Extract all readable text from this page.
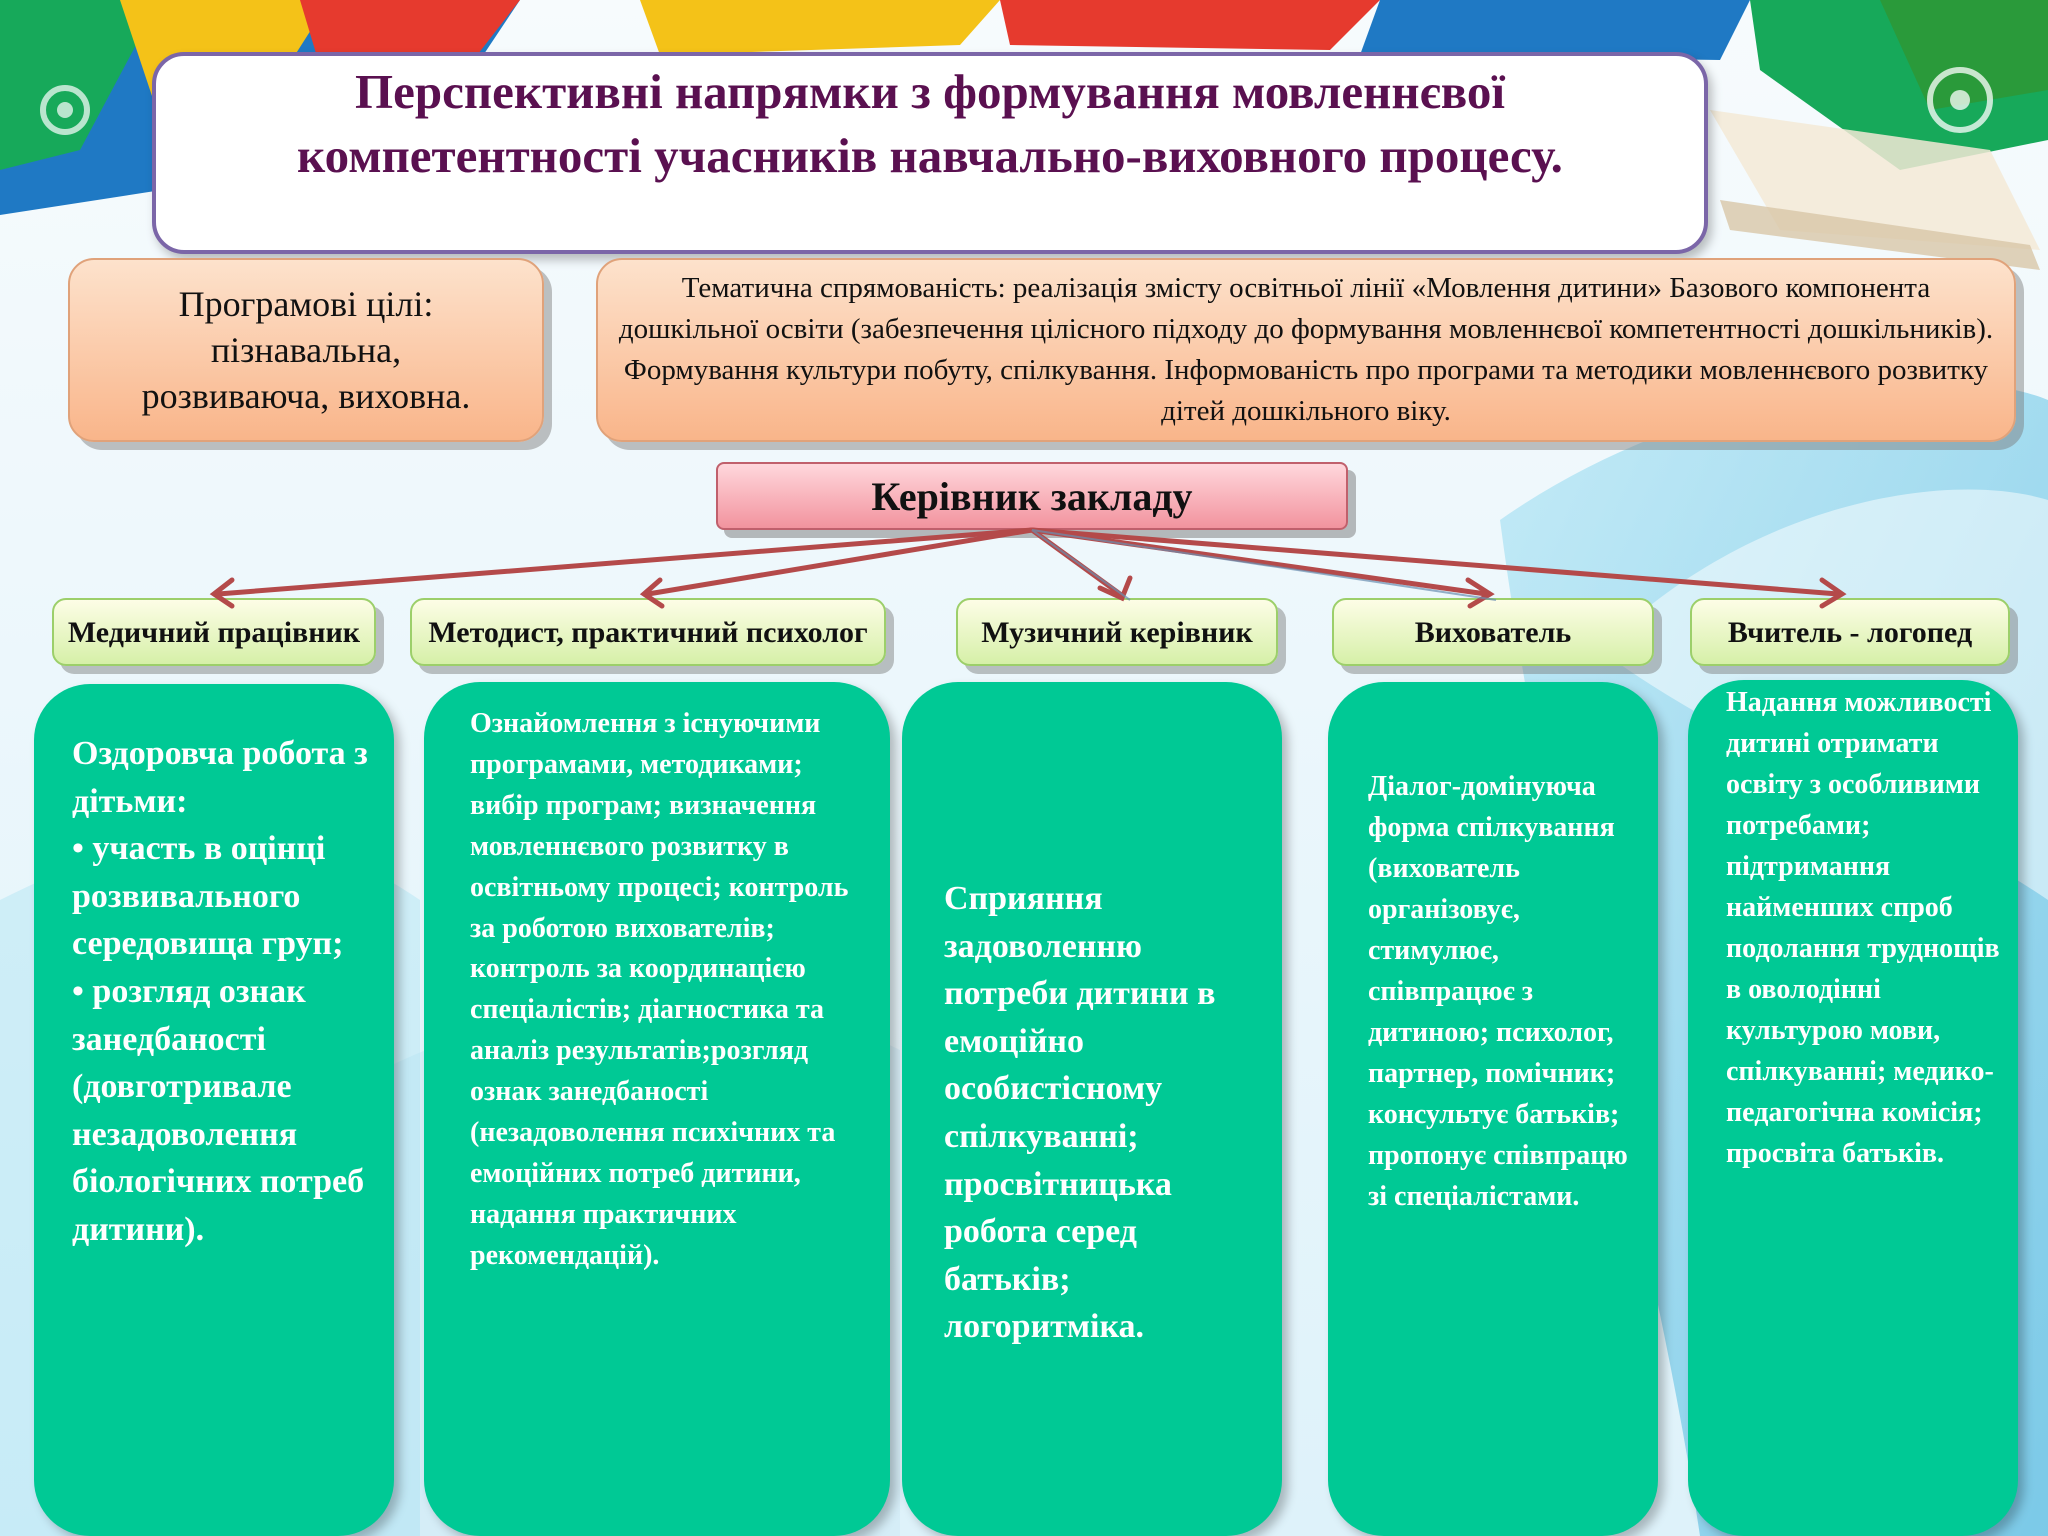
Перспективні напрямки з формування мовленнєвої компетентності учасників навчально-виховного процесу.
Програмові цілі:
пізнавальна,
розвиваюча, виховна.
Тематична спрямованість: реалізація змісту освітньої лінії «Мовлення дитини» Базового компонента дошкільної освіти (забезпечення цілісного підходу до формування мовленнєвої компетентності дошкільників). Формування культури побуту, спілкування. Інформованість про програми та методики мовленнєвого розвитку дітей дошкільного віку.
Керівник закладу
Медичний працівник Методист, практичний психолог	Музичний керівник	Вихователь	Вчитель - логопед
Оздоровча робота з дітьми:
• участь в оцінці розвивального середовища груп;
• розгляд ознак занедбаності (довготривале незадоволення біологічних потреб дитини).
Ознайомлення з існуючими програмами, методиками; вибір програм; визначення мовленнєвого розвитку в освітньому процесі; контроль за роботою вихователів; контроль за координацією спеціалістів; діагностика та аналіз результатів;розгляд ознак занедбаності (незадоволення психічних та емоційних потреб дитини, надання практичних рекомендацій).
Сприяння задоволенню потреби дитини в емоційно особистісному спілкуванні; просвітницька робота серед батьків;
логоритміка.
Діалог-домінуюча форма спілкування (вихователь організовує, стимулює, співпрацює з дитиною; психолог, партнер, помічник; консультує батьків; пропонує співпрацю зі спеціалістами.
Надання можливості дитині отримати освіту з особливими потребами; підтримання найменших спроб подолання труднощів в оволодінні культурою мови, спілкуванні; медико-педагогічна комісія; просвіта батьків.
